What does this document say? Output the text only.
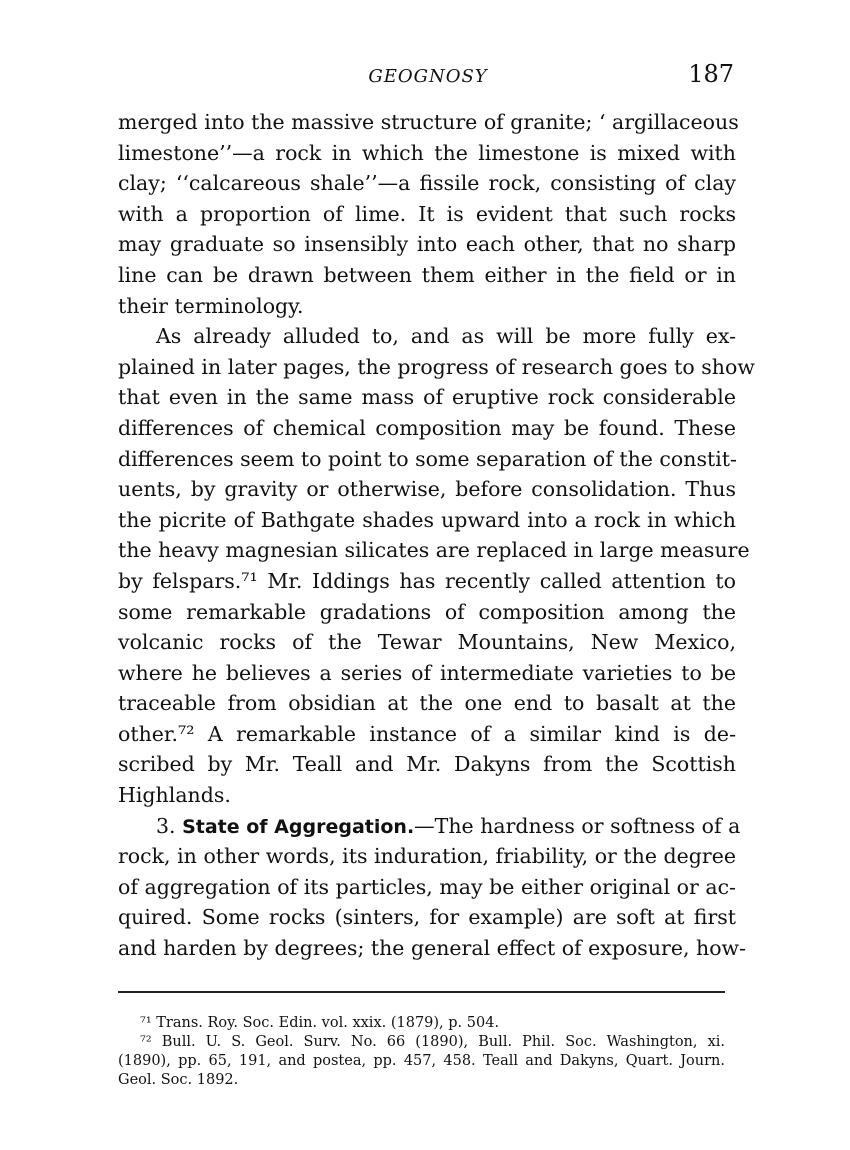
GEOGNOSY	187
merged into the massive structure of granite; ‘ argillaceous
limestone’’—a rock in which the limestone is mixed with
clay; ‘‘calcareous shale’’—a fissile rock, consisting of clay
with a proportion of lime. It is evident that such rocks
may graduate so insensibly into each other, that no sharp
line can be drawn between them either in the field or in
their terminology.
As already alluded to, and as will be more fully ex-
plained in later pages, the progress of research goes to show
that even in the same mass of eruptive rock considerable
differences of chemical composition may be found. These
differences seem to point to some separation of the constit-
uents, by gravity or otherwise, before consolidation. Thus
the picrite of Bathgate shades upward into a rock in which
the heavy magnesian silicates are replaced in large measure
by felspars.⁷¹ Mr. Iddings has recently called attention to
some remarkable gradations of composition among the
volcanic rocks of the Tewar Mountains, New Mexico,
where he believes a series of intermediate varieties to be
traceable from obsidian at the one end to basalt at the
other.⁷² A remarkable instance of a similar kind is de-
scribed by Mr. Teall and Mr. Dakyns from the Scottish
Highlands.
3. State of Aggregation.—The hardness or softness of a
rock, in other words, its induration, friability, or the degree
of aggregation of its particles, may be either original or ac-
quired. Some rocks (sinters, for example) are soft at first
and harden by degrees; the general effect of exposure, how-
⁷¹ Trans. Roy. Soc. Edin. vol. xxix. (1879), p. 504.
⁷² Bull. U. S. Geol. Surv. No. 66 (1890), Bull. Phil. Soc. Washington, xi.
(1890), pp. 65, 191, and postea, pp. 457, 458. Teall and Dakyns, Quart. Journ.
Geol. Soc. 1892.
